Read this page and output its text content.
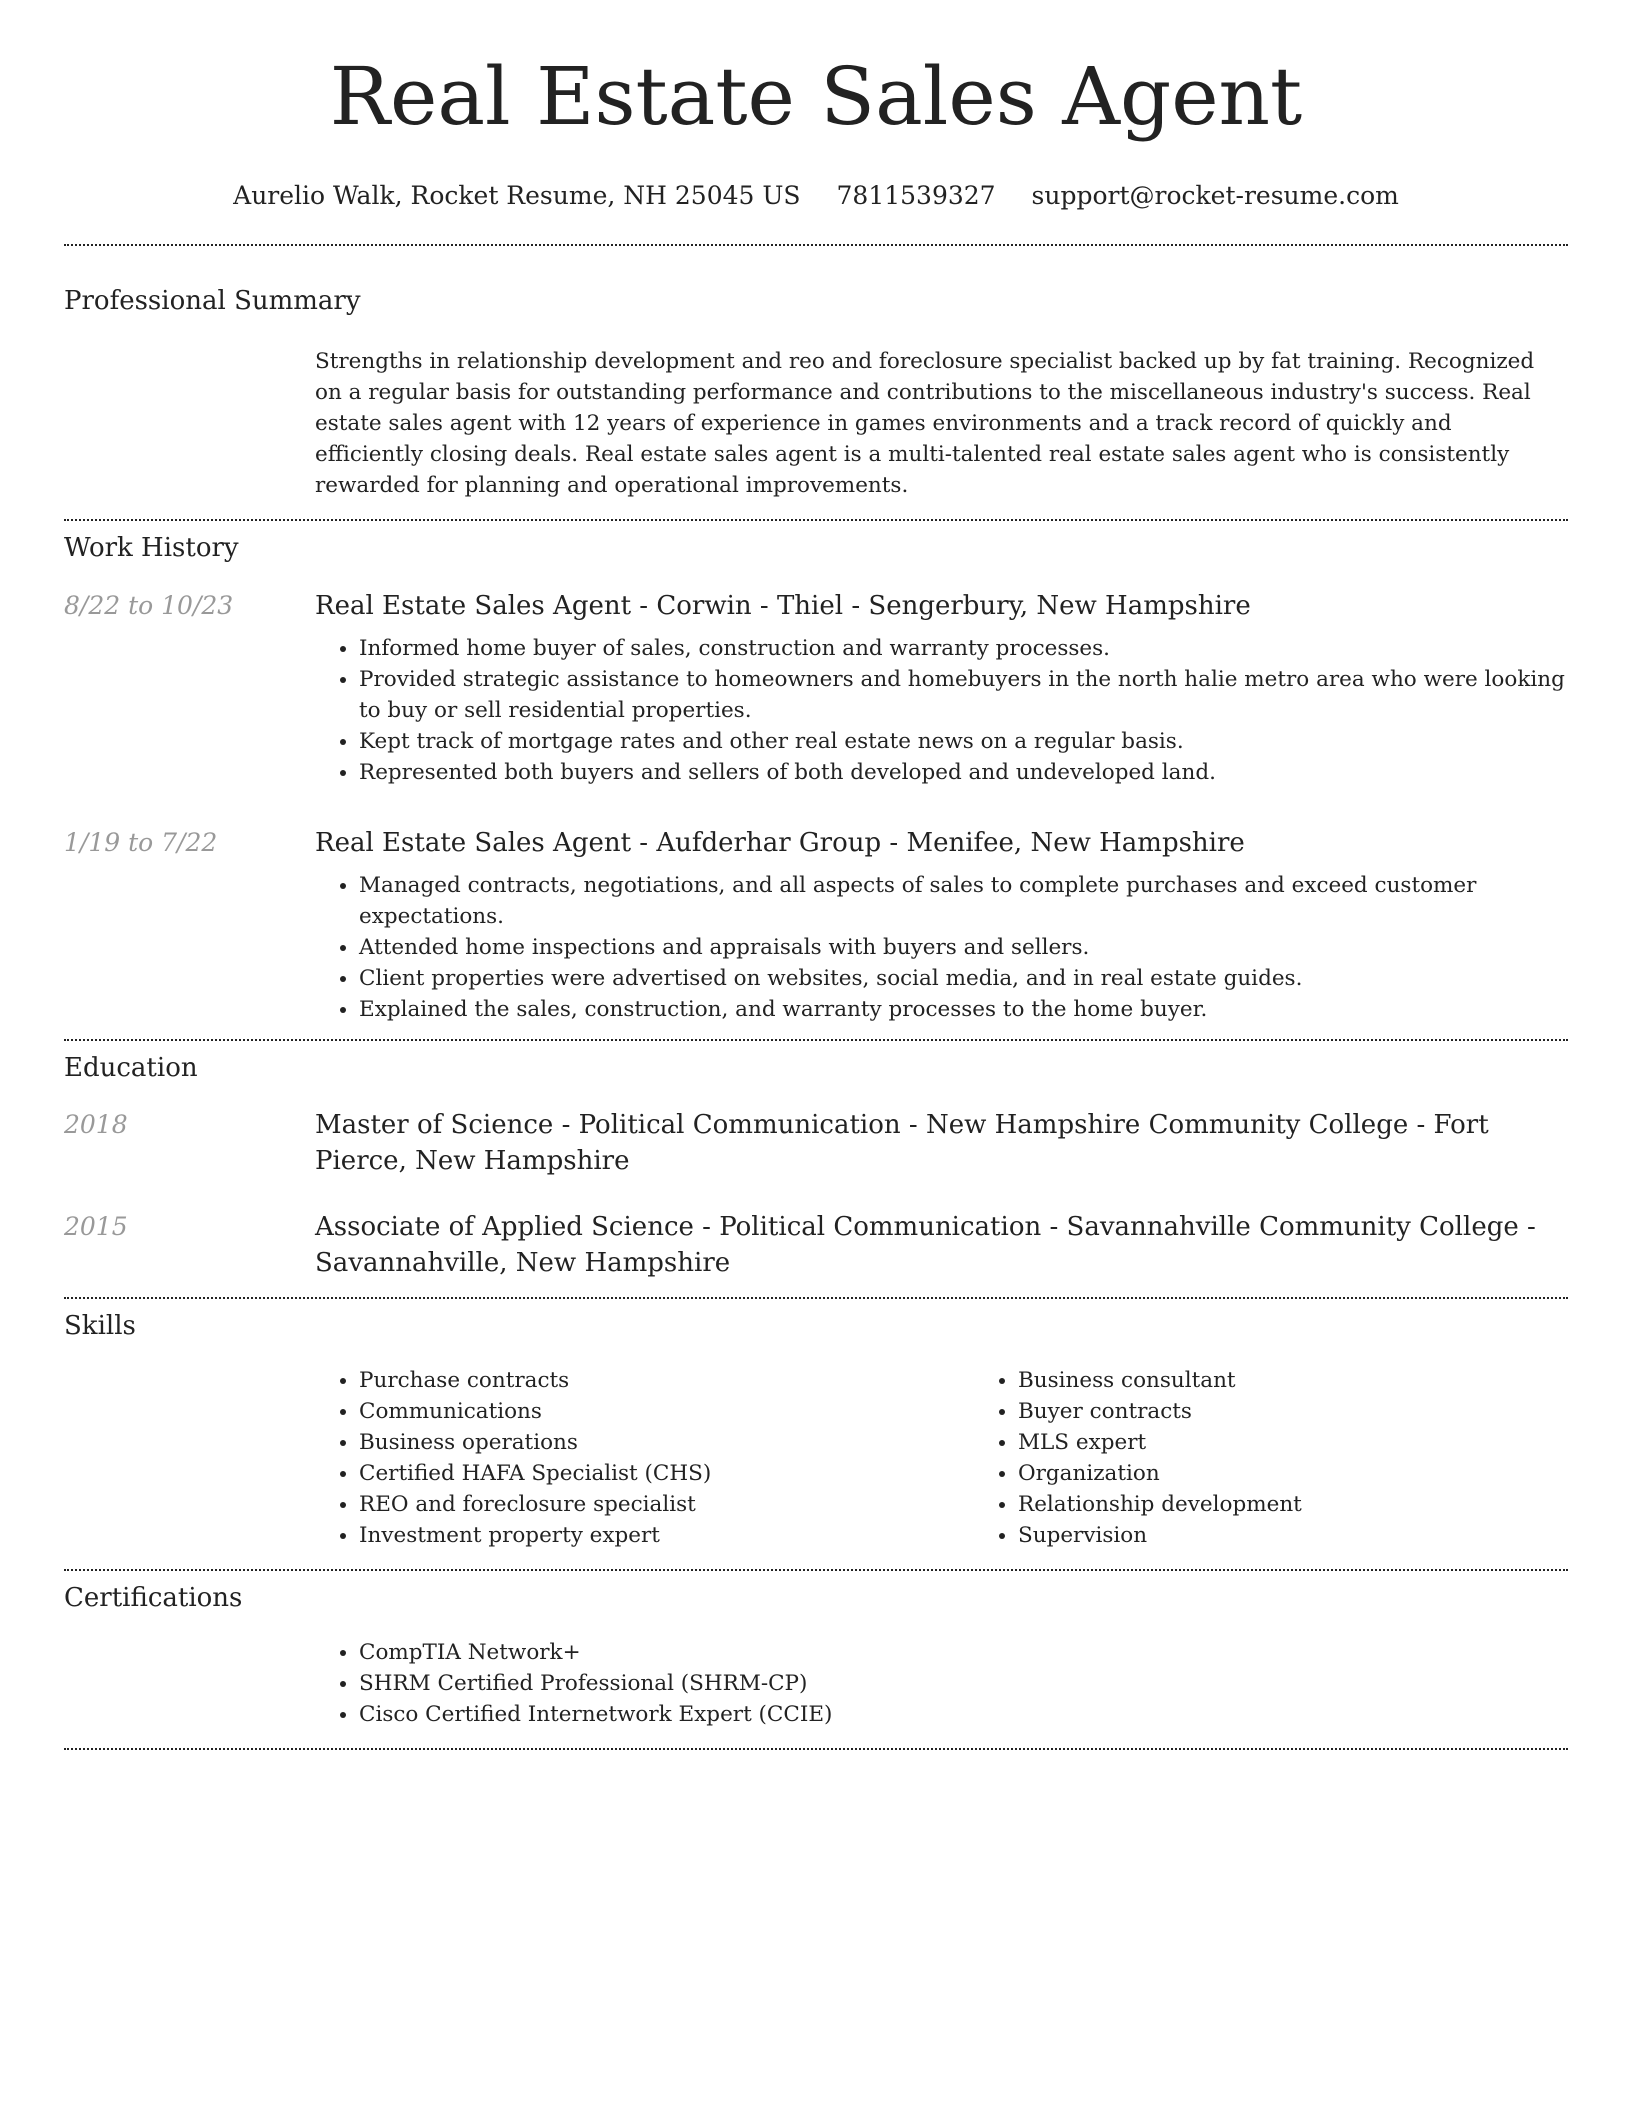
Real Estate Sales Agent
Aurelio Walk, Rocket Resume, NH 25045 US 7811539327 support@rocket-resume.com
Professional Summary
Strengths in relationship development and reo and foreclosure specialist backed up by fat training. Recognized on a regular basis for outstanding performance and contributions to the miscellaneous industry's success. Real estate sales agent with 12 years of experience in games environments and a track record of quickly and efficiently closing deals. Real estate sales agent is a multi-talented real estate sales agent who is consistently rewarded for planning and operational improvements.
Work History
8/22 to 10/23	Real Estate Sales Agent - Corwin - Thiel - Sengerbury, New Hampshire
• Informed home buyer of sales, construction and warranty processes.
• Provided strategic assistance to homeowners and homebuyers in the north halie metro area who were looking to buy or sell residential properties.
• Kept track of mortgage rates and other real estate news on a regular basis.
• Represented both buyers and sellers of both developed and undeveloped land.
1/19 to 7/22	Real Estate Sales Agent - Aufderhar Group - Menifee, New Hampshire
• Managed contracts, negotiations, and all aspects of sales to complete purchases and exceed customer expectations.
• Attended home inspections and appraisals with buyers and sellers.
• Client properties were advertised on websites, social media, and in real estate guides.
• Explained the sales, construction, and warranty processes to the home buyer.
Education
2018	Master of Science - Political Communication - New Hampshire Community College - Fort Pierce, New Hampshire
2015	Associate of Applied Science - Political Communication - Savannahville Community College - Savannahville, New Hampshire
Skills
• Purchase contracts
• Communications
• Business operations
• Certified HAFA Specialist (CHS)
• REO and foreclosure specialist
• Investment property expert
• Business consultant
• Buyer contracts
• MLS expert
• Organization
• Relationship development
• Supervision
Certifications
• CompTIA Network+
• SHRM Certified Professional (SHRM-CP)
• Cisco Certified Internetwork Expert (CCIE)
